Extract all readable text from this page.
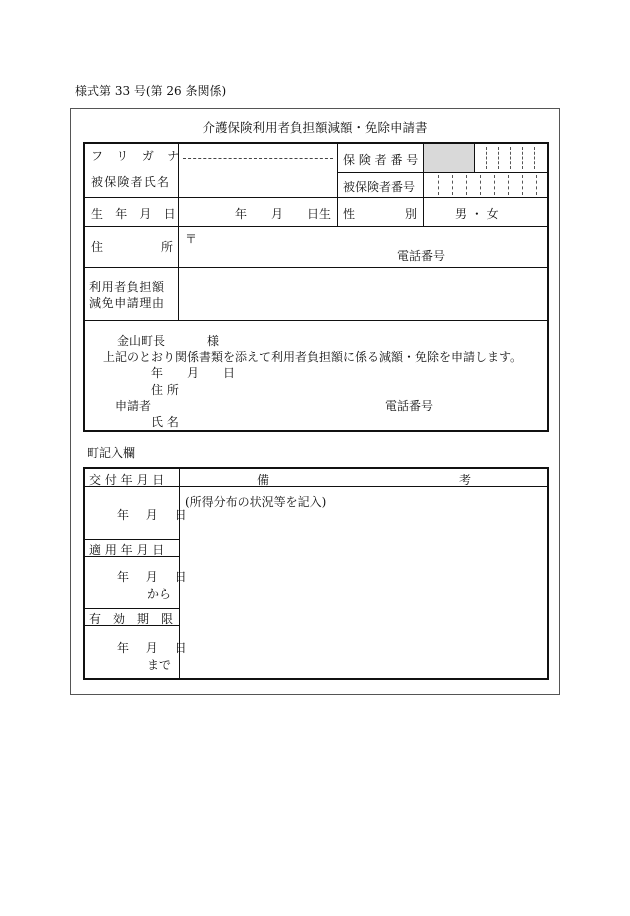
様式第 33 号(第 26 条関係)
介護保険利用者負担額減額・免除申請書
フ リ ガ ナ
被保険者氏名
保 険 者 番 号
被保険者番号
生 年 月 日	年　　月　　日生 性	別	男 ・ 女
住	所
〒
電話番号
利用者負担額
減免申請理由
金山町長	様
上記のとおり関係書類を添えて利用者負担額に係る減額・免除を申請します。
年　　月　　日
住 所
申請者	電話番号
氏 名
町記入欄
交 付 年 月 日	備	考
(所得分布の状況等を記入)
年　月　日
適 用 年 月 日
年　月　日
から
有　効　期　限
年　月　日
まで
